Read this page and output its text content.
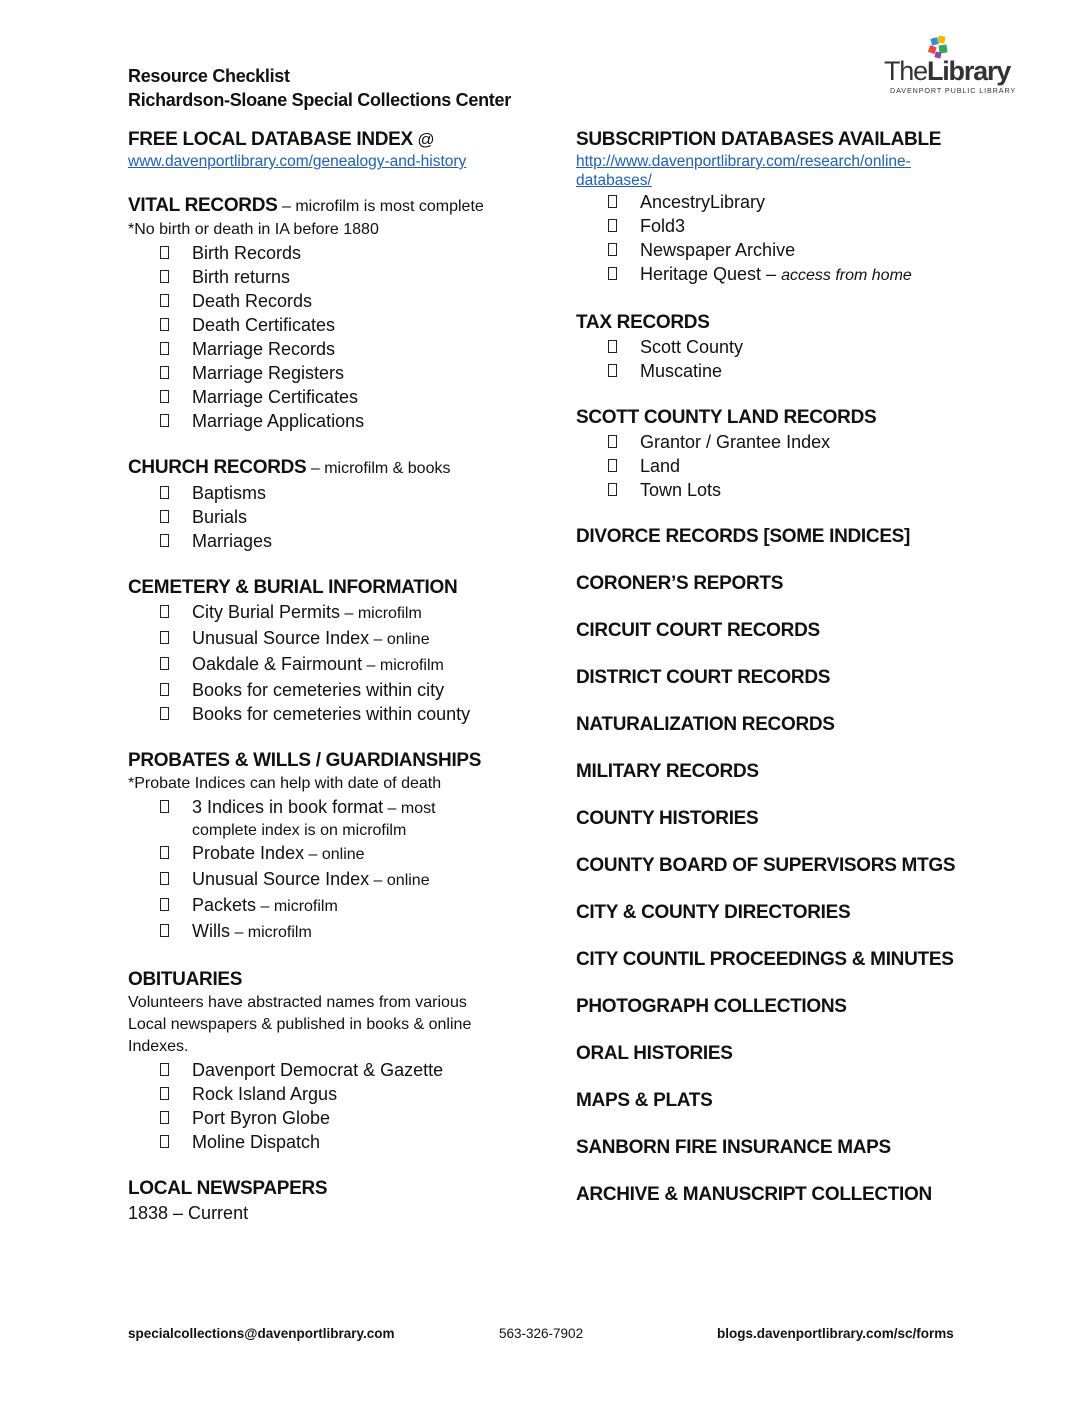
Resource Checklist
Richardson-Sloane Special Collections Center
TheLibrary
DAVENPORT PUBLIC LIBRARY
FREE LOCAL DATABASE INDEX @
www.davenportlibrary.com/genealogy-and-history
VITAL RECORDS – microfilm is most complete
*No birth or death in IA before 1880
Birth Records
Birth returns
Death Records
Death Certificates
Marriage Records
Marriage Registers
Marriage Certificates
Marriage Applications
CHURCH RECORDS – microfilm & books
Baptisms
Burials
Marriages
CEMETERY & BURIAL INFORMATION
City Burial Permits – microfilm
Unusual Source Index – online
Oakdale & Fairmount – microfilm
Books for cemeteries within city
Books for cemeteries within county
PROBATES & WILLS / GUARDIANSHIPS
*Probate Indices can help with date of death
3 Indices in book format – most
complete index is on microfilm
Probate Index – online
Unusual Source Index – online
Packets – microfilm
Wills – microfilm
OBITUARIES
Volunteers have abstracted names from various
Local newspapers & published in books & online
Indexes.
Davenport Democrat & Gazette
Rock Island Argus
Port Byron Globe
Moline Dispatch
LOCAL NEWSPAPERS
1838 – Current
SUBSCRIPTION DATABASES AVAILABLE
http://www.davenportlibrary.com/research/online-
databases/
AncestryLibrary
Fold3
Newspaper Archive
Heritage Quest – access from home
TAX RECORDS
Scott County
Muscatine
SCOTT COUNTY LAND RECORDS
Grantor / Grantee Index
Land
Town Lots
DIVORCE RECORDS [SOME INDICES]
CORONER’S REPORTS
CIRCUIT COURT RECORDS
DISTRICT COURT RECORDS
NATURALIZATION RECORDS
MILITARY RECORDS
COUNTY HISTORIES
COUNTY BOARD OF SUPERVISORS MTGS
CITY & COUNTY DIRECTORIES
CITY COUNTIL PROCEEDINGS & MINUTES
PHOTOGRAPH COLLECTIONS
ORAL HISTORIES
MAPS & PLATS
SANBORN FIRE INSURANCE MAPS
ARCHIVE & MANUSCRIPT COLLECTION
specialcollections@davenportlibrary.com	563-326-7902	blogs.davenportlibrary.com/sc/forms
